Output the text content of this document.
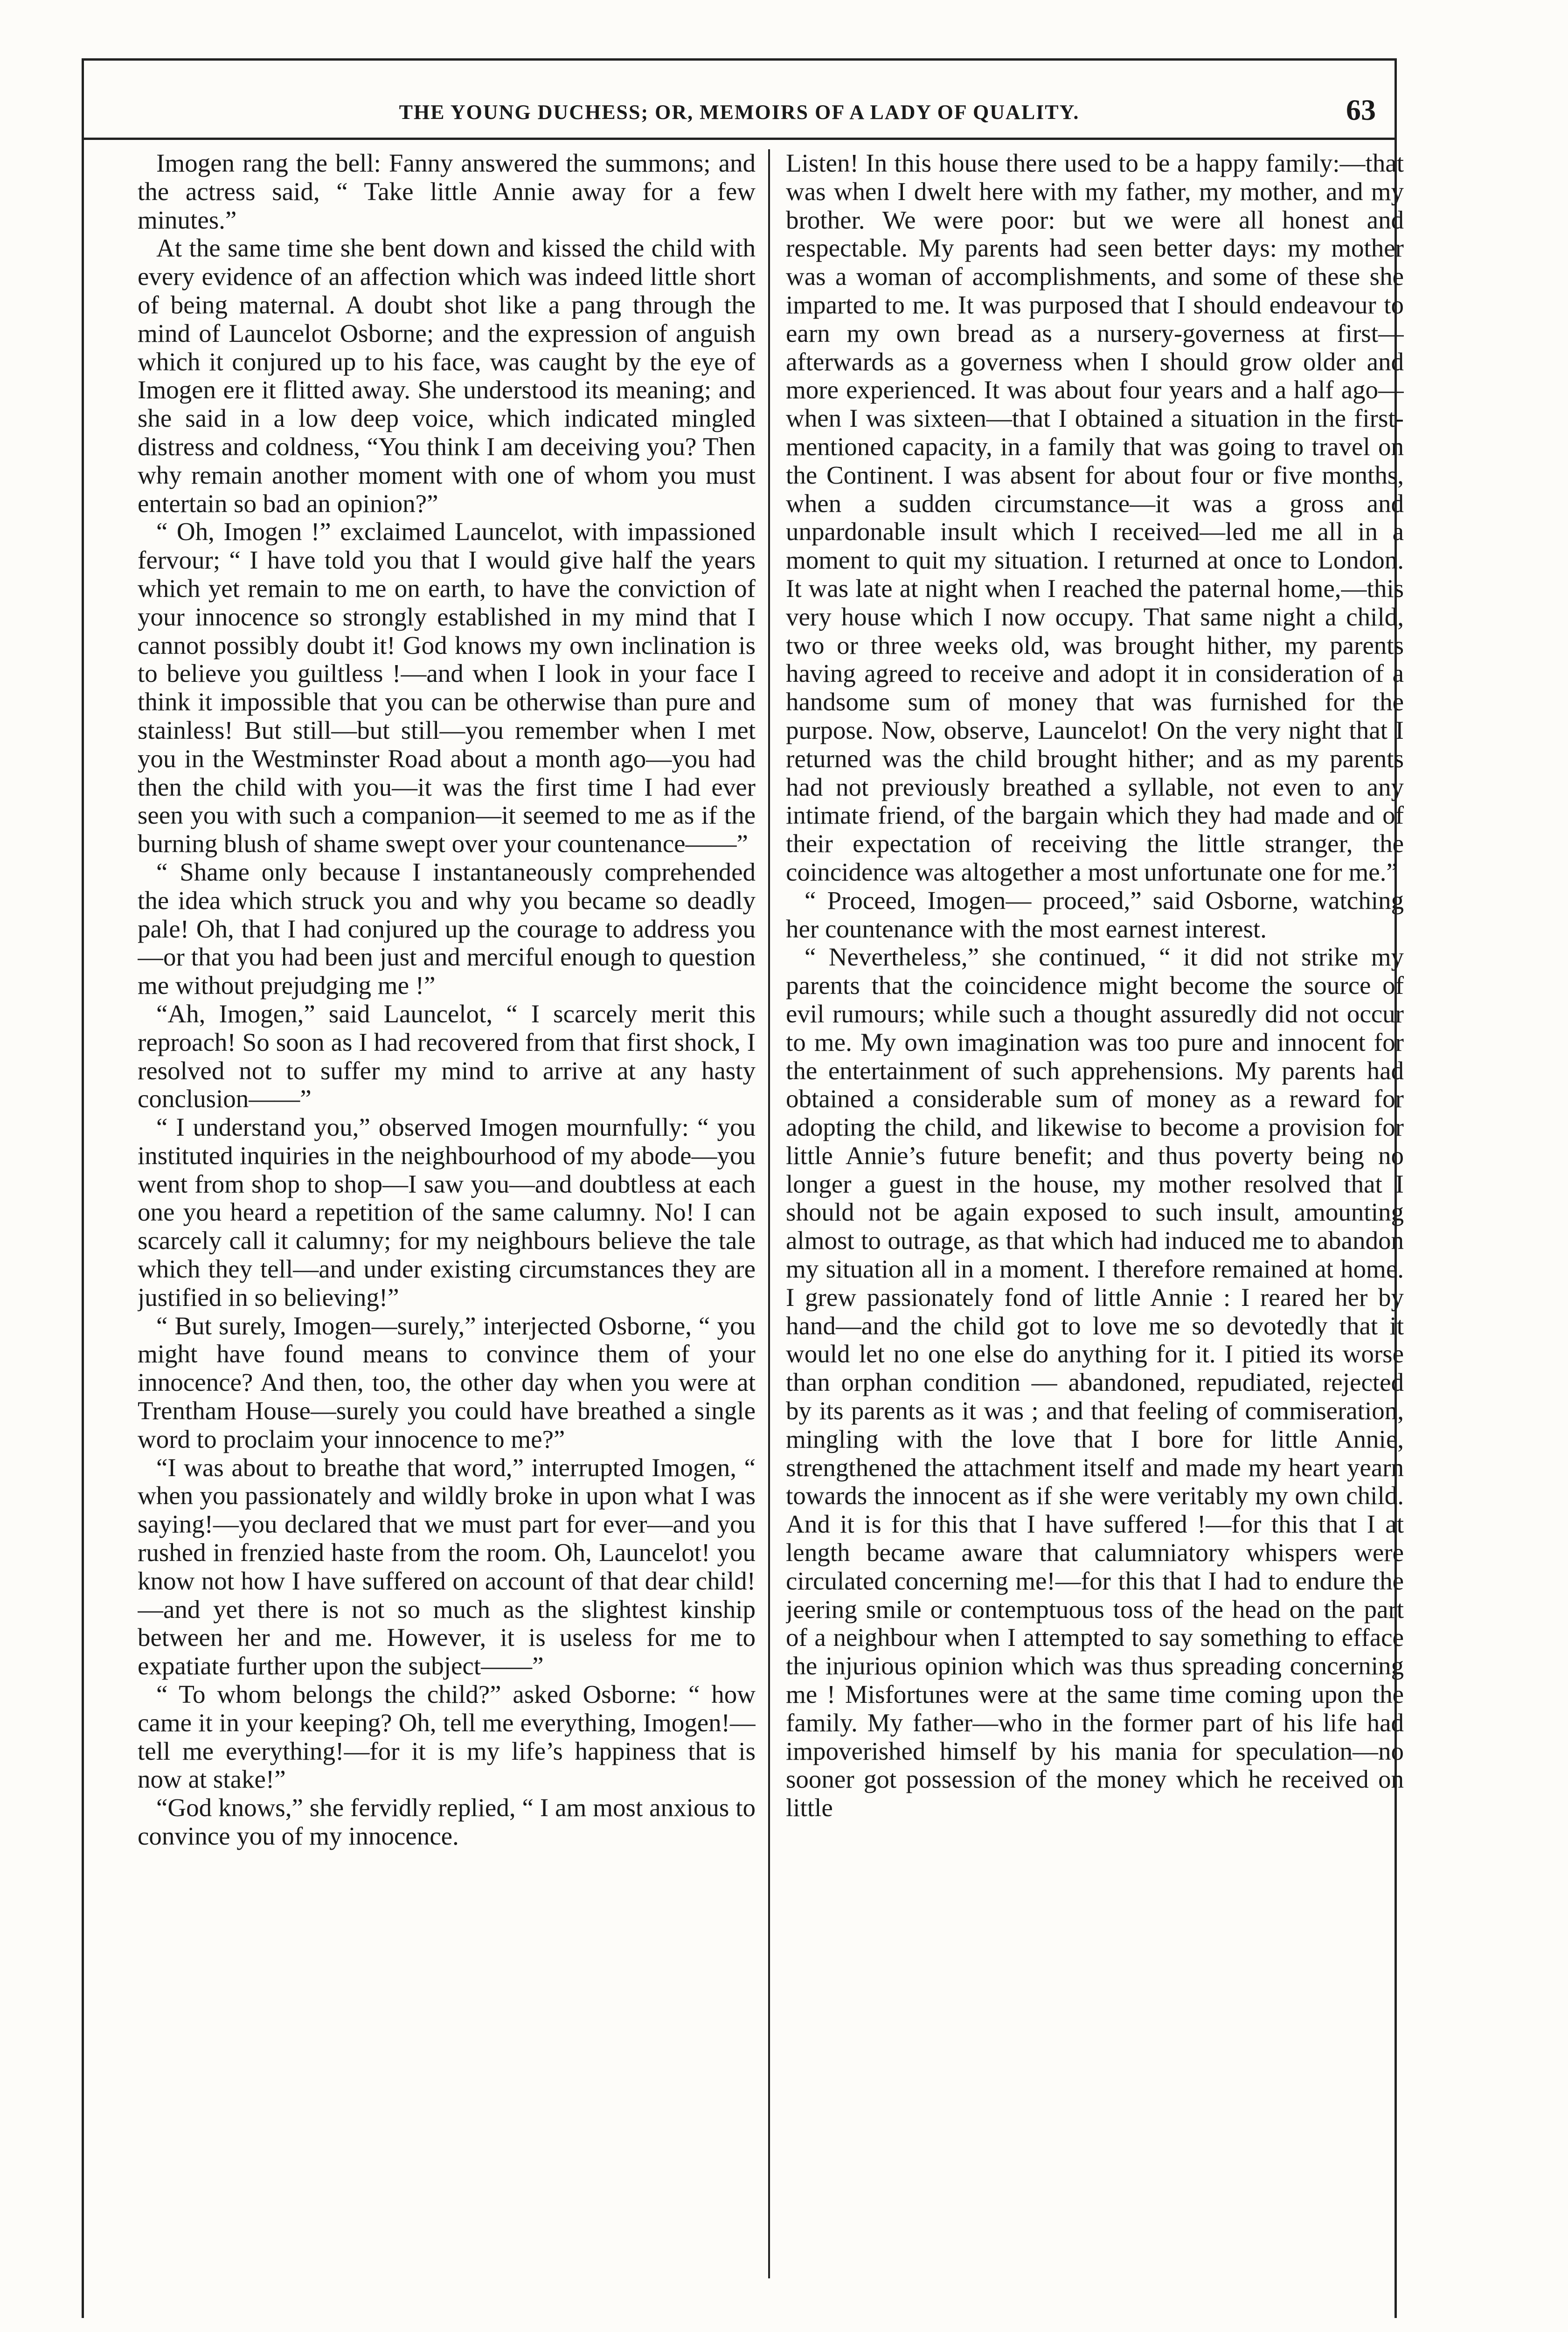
THE YOUNG DUCHESS; OR, MEMOIRS OF A LADY OF QUALITY.	63

Imogen rang the bell: Fanny answered the summons; and the actress said, “ Take little Annie away for a few minutes.”

At the same time she bent down and kissed the child with every evidence of an affection which was indeed little short of being maternal. A doubt shot like a pang through the mind of Launcelot Osborne; and the expression of anguish which it conjured up to his face, was caught by the eye of Imogen ere it flitted away. She understood its meaning; and she said in a low deep voice, which indicated mingled distress and coldness, “You think I am deceiving you? Then why remain another moment with one of whom you must entertain so bad an opinion?”

“ Oh, Imogen !” exclaimed Launcelot, with impassioned fervour; “ I have told you that I would give half the years which yet remain to me on earth, to have the conviction of your innocence so strongly established in my mind that I cannot possibly doubt it! God knows my own inclination is to believe you guiltless !—and when I look in your face I think it impossible that you can be otherwise than pure and stainless! But still—but still—you remember when I met you in the Westminster Road about a month ago—you had then the child with you—it was the first time I had ever seen you with such a companion—it seemed to me as if the burning blush of shame swept over your countenance——”

“ Shame only because I instantaneously comprehended the idea which struck you and why you became so deadly pale! Oh, that I had conjured up the courage to address you—or that you had been just and merciful enough to question me without prejudging me !”

“Ah, Imogen,” said Launcelot, “ I scarcely merit this reproach! So soon as I had recovered from that first shock, I resolved not to suffer my mind to arrive at any hasty conclusion——”

“ I understand you,” observed Imogen mournfully: “ you instituted inquiries in the neighbourhood of my abode—you went from shop to shop—I saw you—and doubtless at each one you heard a repetition of the same calumny. No! I can scarcely call it calumny; for my neighbours believe the tale which they tell—and under existing circumstances they are justified in so believing!”

“ But surely, Imogen—surely,” interjected Osborne, “ you might have found means to convince them of your innocence? And then, too, the other day when you were at Trentham House—surely you could have breathed a single word to proclaim your innocence to me?”

“I was about to breathe that word,” interrupted Imogen, “ when you passionately and wildly broke in upon what I was saying!—you declared that we must part for ever—and you rushed in frenzied haste from the room. Oh, Launcelot! you know not how I have suffered on account of that dear child!—and yet there is not so much as the slightest kinship between her and me. However, it is useless for me to expatiate further upon the subject——”

“ To whom belongs the child?” asked Osborne: “ how came it in your keeping? Oh, tell me everything, Imogen!—tell me everything!—for it is my life’s happiness that is now at stake!”

“God knows,” she fervidly replied, “ I am most anxious to convince you of my innocence.

Listen! In this house there used to be a happy family:—that was when I dwelt here with my father, my mother, and my brother. We were poor: but we were all honest and respectable. My parents had seen better days: my mother was a woman of accomplishments, and some of these she imparted to me. It was purposed that I should endeavour to earn my own bread as a nursery-governess at first—afterwards as a governess when I should grow older and more experienced. It was about four years and a half ago—when I was sixteen—that I obtained a situation in the first-mentioned capacity, in a family that was going to travel on the Continent. I was absent for about four or five months, when a sudden circumstance—it was a gross and unpardonable insult which I received—led me all in a moment to quit my situation. I returned at once to London. It was late at night when I reached the paternal home,—this very house which I now occupy. That same night a child, two or three weeks old, was brought hither, my parents having agreed to receive and adopt it in consideration of a handsome sum of money that was furnished for the purpose. Now, observe, Launcelot! On the very night that I returned was the child brought hither; and as my parents had not previously breathed a syllable, not even to any intimate friend, of the bargain which they had made and of their expectation of receiving the little stranger, the coincidence was altogether a most unfortunate one for me.”

“ Proceed, Imogen— proceed,” said Osborne, watching her countenance with the most earnest interest.

“ Nevertheless,” she continued, “ it did not strike my parents that the coincidence might become the source of evil rumours; while such a thought assuredly did not occur to me. My own imagination was too pure and innocent for the entertainment of such apprehensions. My parents had obtained a considerable sum of money as a reward for adopting the child, and likewise to become a provision for little Annie’s future benefit; and thus poverty being no longer a guest in the house, my mother resolved that I should not be again exposed to such insult, amounting almost to outrage, as that which had induced me to abandon my situation all in a moment. I therefore remained at home. I grew passionately fond of little Annie : I reared her by hand—and the child got to love me so devotedly that it would let no one else do anything for it. I pitied its worse than orphan condition — abandoned, repudiated, rejected by its parents as it was ; and that feeling of commiseration, mingling with the love that I bore for little Annie, strengthened the attachment itself and made my heart yearn towards the innocent as if she were veritably my own child. And it is for this that I have suffered !—for this that I at length became aware that calumniatory whispers were circulated concerning me!—for this that I had to endure the jeering smile or contemptuous toss of the head on the part of a neighbour when I attempted to say something to efface the injurious opinion which was thus spreading concerning me ! Misfortunes were at the same time coming upon the family. My father—who in the former part of his life had impoverished himself by his mania for speculation—no sooner got possession of the money which he received on little
